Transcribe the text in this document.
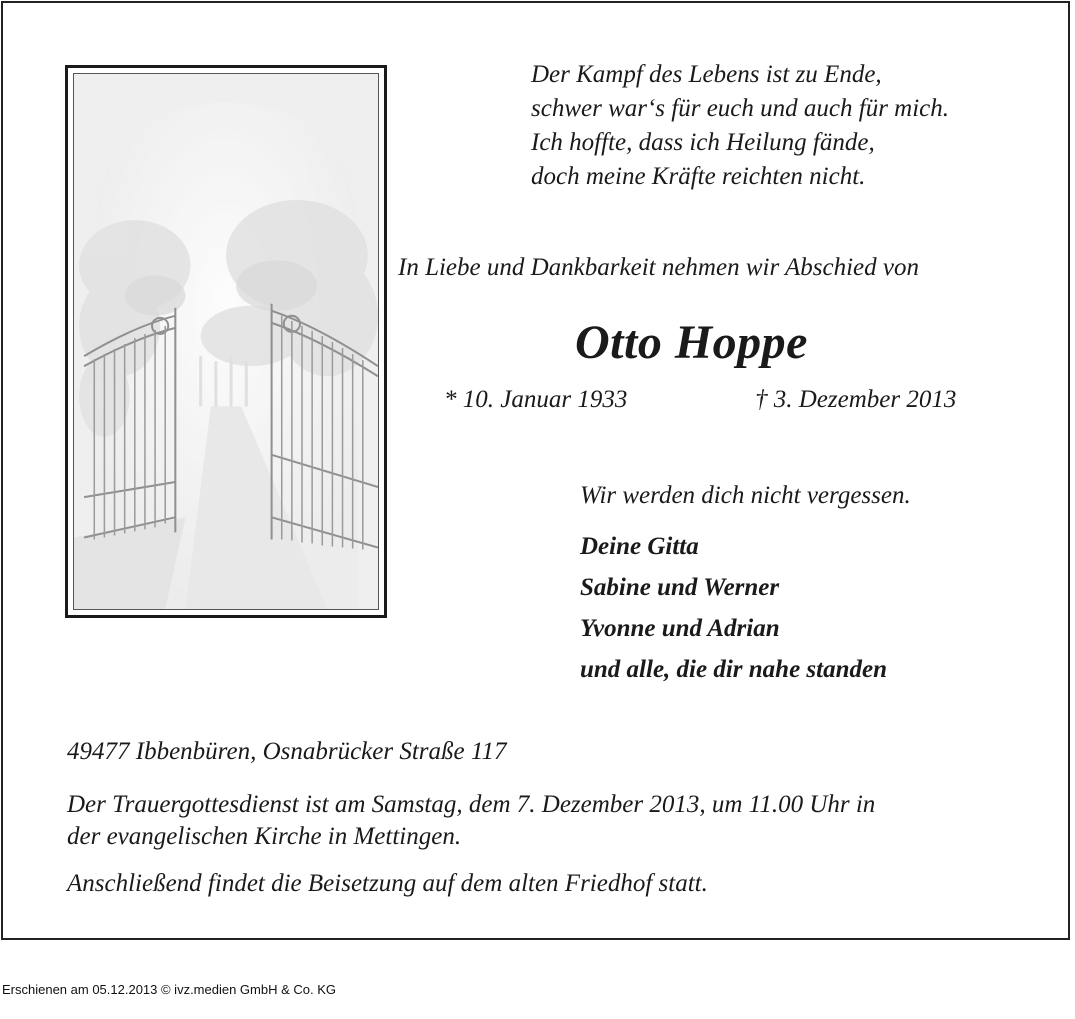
Der Kampf des Lebens ist zu Ende,
schwer war‘s für euch und auch für mich.
Ich hoffte, dass ich Heilung fände,
doch meine Kräfte reichten nicht.
In Liebe und Dankbarkeit nehmen wir Abschied von
Otto Hoppe
* 10. Januar 1933	† 3. Dezember 2013
Wir werden dich nicht vergessen.
Deine Gitta
Sabine und Werner
Yvonne und Adrian
und alle, die dir nahe standen
49477 Ibbenbüren, Osnabrücker Straße 117
Der Trauergottesdienst ist am Samstag, dem 7. Dezember 2013, um 11.00 Uhr in
der evangelischen Kirche in Mettingen.
Anschließend findet die Beisetzung auf dem alten Friedhof statt.
Erschienen am 05.12.2013 © ivz.medien GmbH & Co. KG
